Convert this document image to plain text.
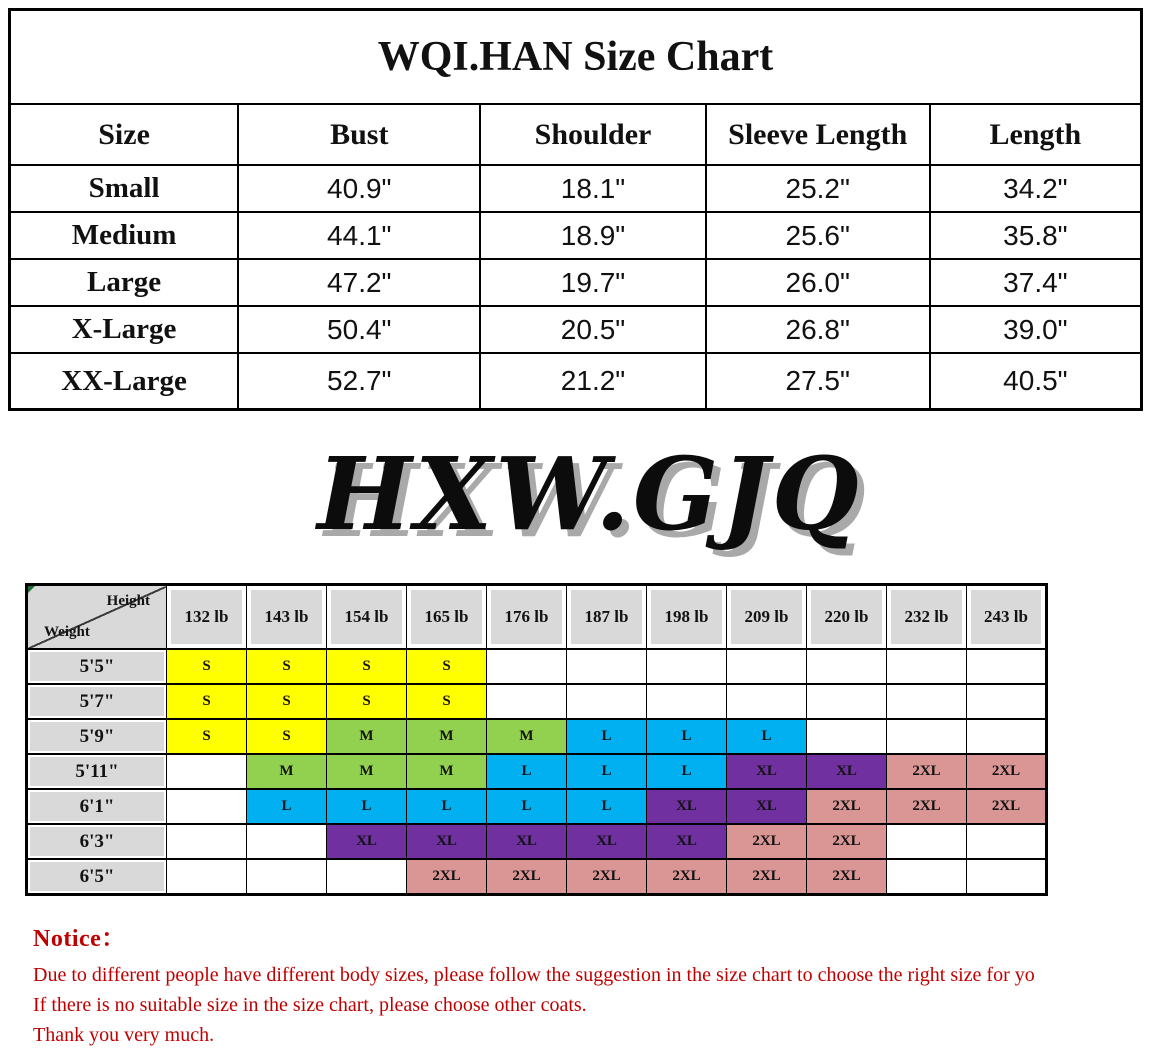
WQI.HAN Size Chart				
Size	Bust	Shoulder	Sleeve Length	Length
Small	40.9"	18.1"	25.2"	34.2"
Medium	44.1"	18.9"	25.6"	35.8"
Large	47.2"	19.7"	26.0"	37.4"
X-Large	50.4"	20.5"	26.8"	39.0"
XX-Large	52.7"	21.2"	27.5"	40.5"
HXW.GJQ
Height
Weight	132 lb	143 lb	154 lb	165 lb	176 lb	187 lb	198 lb	209 lb	220 lb	232 lb	243 lb
5'5"	S	S	S	S							
5'7"	S	S	S	S							
5'9"	S	S	M	M	M	L	L	L			
5'11"		M	M	M	L	L	L	XL	XL	2XL	2XL
6'1"		L	L	L	L	L	XL	XL	2XL	2XL	2XL
6'3"			XL	XL	XL	XL	XL	2XL	2XL		
6'5"				2XL	2XL	2XL	2XL	2XL	2XL		
Notice：
Due to different people have different body sizes, please follow the suggestion in the size chart to choose the right size for yo
If there is no suitable size in the size chart, please choose other coats.
Thank you very much.
